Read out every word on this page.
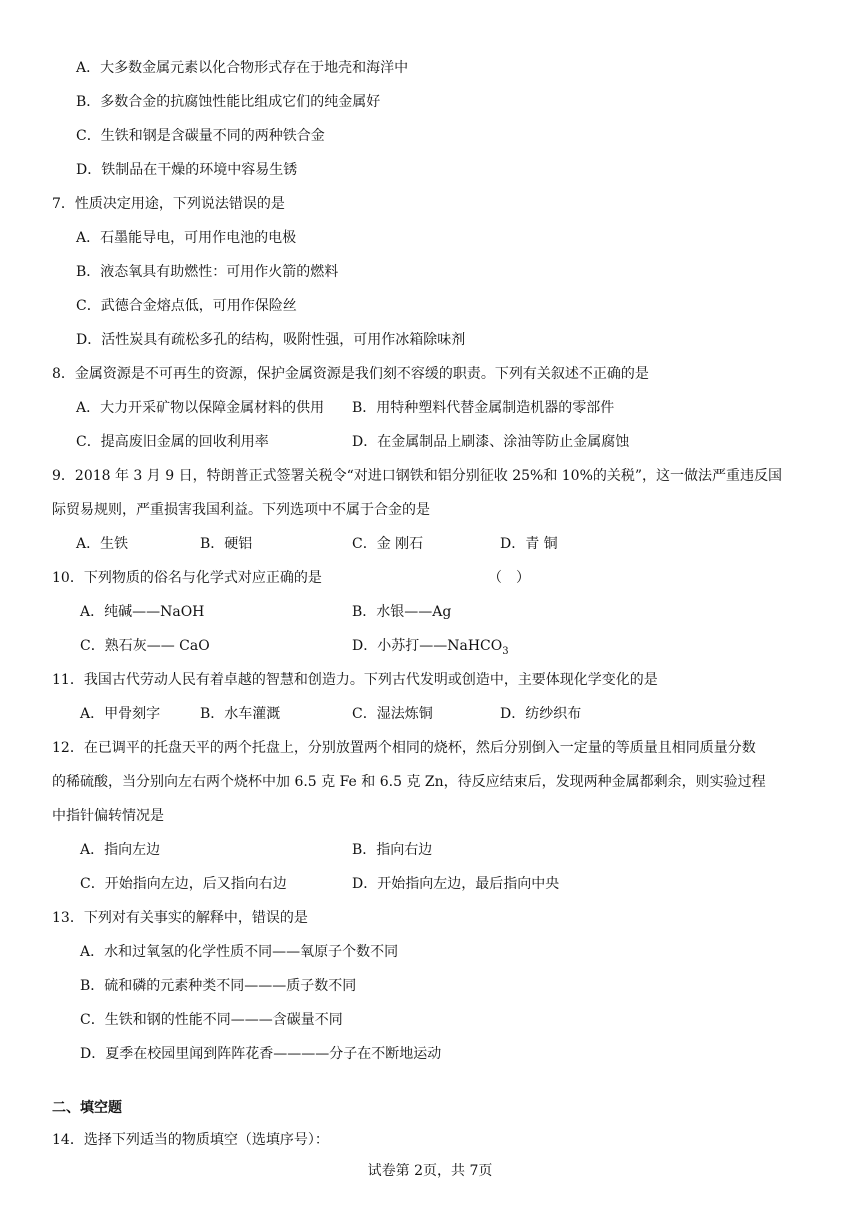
A．大多数金属元素以化合物形式存在于地壳和海洋中
B．多数合金的抗腐蚀性能比组成它们的纯金属好
C．生铁和钢是含碳量不同的两种铁合金
D．铁制品在干燥的环境中容易生锈
7．性质决定用途，下列说法错误的是
A．石墨能导电，可用作电池的电极
B．液态氧具有助燃性：可用作火箭的燃料
C．武德合金熔点低，可用作保险丝
D．活性炭具有疏松多孔的结构，吸附性强，可用作冰箱除味剂
8．金属资源是不可再生的资源，保护金属资源是我们刻不容缓的职责。下列有关叙述不正确的是
A．大力开采矿物以保障金属材料的供用 B．用特种塑料代替金属制造机器的零部件
C．提高废旧金属的回收利用率	D．在金属制品上刷漆、涂油等防止金属腐蚀
9．2018 年 3 月 9 日，特朗普正式签署关税令“对进口钢铁和铝分别征收 25%和 10%的关税”，这一做法严重违反国
际贸易规则，严重损害我国利益。下列选项中不属于合金的是
A．生铁	B．硬铝	C．金 刚石	D．青 铜
10．下列物质的俗名与化学式对应正确的是	（　）
A．纯碱——NaOH	B．水银——Ag
C．熟石灰—— CaO	D．小苏打——NaHCO$_3$
11．我国古代劳动人民有着卓越的智慧和创造力。下列古代发明或创造中，主要体现化学变化的是
A．甲骨刻字	B．水车灌溉	C．湿法炼铜	D．纺纱织布
12．在已调平的托盘天平的两个托盘上，分别放置两个相同的烧杯，然后分别倒入一定量的等质量且相同质量分数
的稀硫酸，当分别向左右两个烧杯中加 6.5 克 Fe 和 6.5 克 Zn，待反应结束后，发现两种金属都剩余，则实验过程
中指针偏转情况是
A．指向左边	B．指向右边
C．开始指向左边，后又指向右边	D．开始指向左边，最后指向中央
13．下列对有关事实的解释中，错误的是
A．水和过氧氢的化学性质不同——氧原子个数不同
B．硫和磷的元素种类不同———质子数不同
C．生铁和钢的性能不同———含碳量不同
D．夏季在校园里闻到阵阵花香————分子在不断地运动
二、填空题
14．选择下列适当的物质填空（选填序号）：
试卷第 2页，共 7页
